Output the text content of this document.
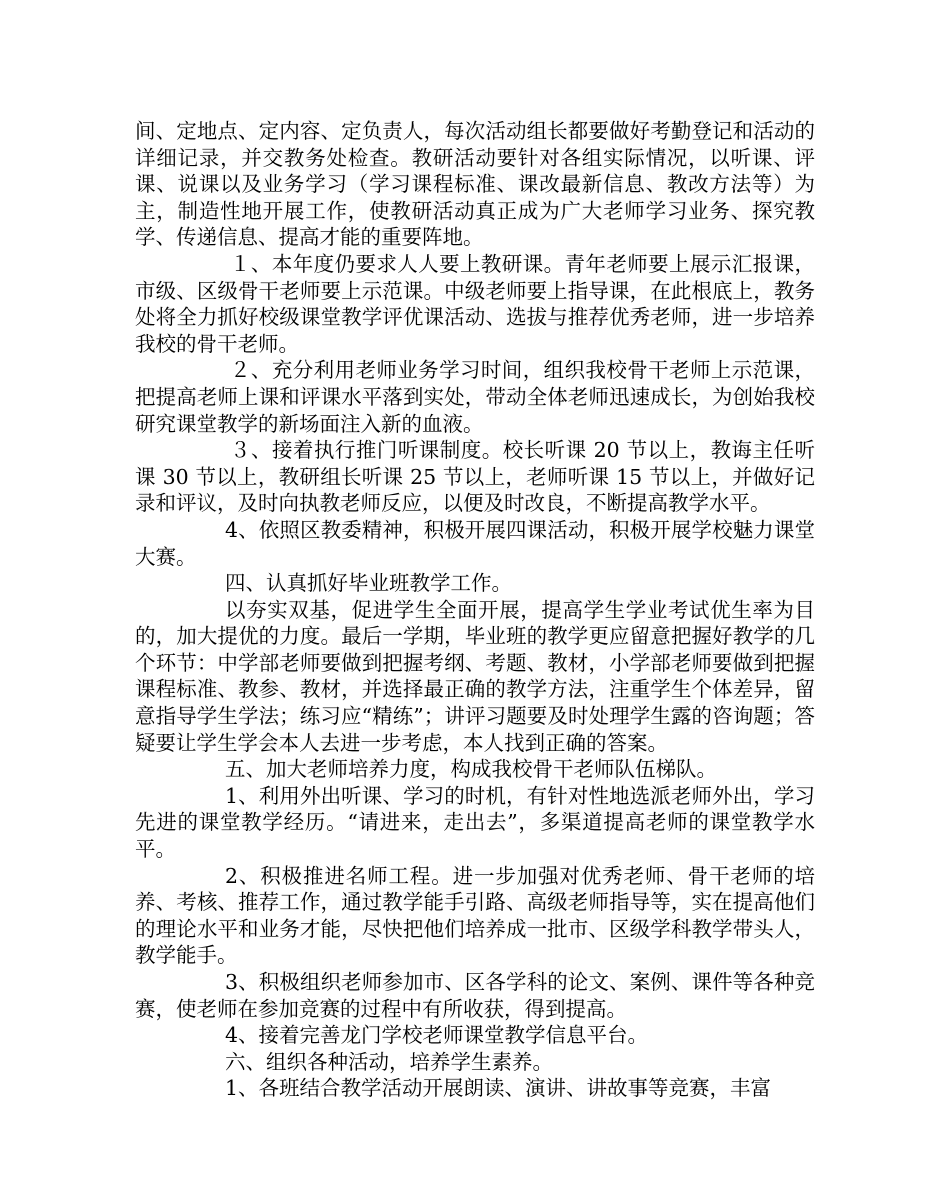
间、定地点、定内容、定负责人，每次活动组长都要做好考勤登记和活动的详细记录，并交教务处检查。教研活动要针对各组实际情况，以听课、评课、说课以及业务学习（学习课程标准、课改最新信息、教改方法等）为主，制造性地开展工作，使教研活动真正成为广大老师学习业务、探究教学、传递信息、提高才能的重要阵地。

１、本年度仍要求人人要上教研课。青年老师要上展示汇报课，市级、区级骨干老师要上示范课。中级老师要上指导课，在此根底上，教务处将全力抓好校级课堂教学评优课活动、选拔与推荐优秀老师，进一步培养我校的骨干老师。

２、充分利用老师业务学习时间，组织我校骨干老师上示范课，把提高老师上课和评课水平落到实处，带动全体老师迅速成长，为创始我校研究课堂教学的新场面注入新的血液。

３、接着执行推门听课制度。校长听课 20 节以上，教诲主任听课 30 节以上，教研组长听课 25 节以上，老师听课 15 节以上，并做好记录和评议，及时向执教老师反应，以便及时改良，不断提高教学水平。

4、依照区教委精神，积极开展四课活动，积极开展学校魅力课堂大赛。

四、认真抓好毕业班教学工作。

以夯实双基，促进学生全面开展，提高学生学业考试优生率为目的，加大提优的力度。最后一学期，毕业班的教学更应留意把握好教学的几个环节：中学部老师要做到把握考纲、考题、教材，小学部老师要做到把握课程标准、教参、教材，并选择最正确的教学方法，注重学生个体差异，留意指导学生学法；练习应“精练”；讲评习题要及时处理学生露的咨询题；答疑要让学生学会本人去进一步考虑，本人找到正确的答案。

五、加大老师培养力度，构成我校骨干老师队伍梯队。

1、利用外出听课、学习的时机，有针对性地选派老师外出，学习先进的课堂教学经历。“请进来，走出去”，多渠道提高老师的课堂教学水平。

2、积极推进名师工程。进一步加强对优秀老师、骨干老师的培养、考核、推荐工作，通过教学能手引路、高级老师指导等，实在提高他们的理论水平和业务才能，尽快把他们培养成一批市、区级学科教学带头人，教学能手。

3、积极组织老师参加市、区各学科的论文、案例、课件等各种竞赛，使老师在参加竞赛的过程中有所收获，得到提高。

4、接着完善龙门学校老师课堂教学信息平台。

六、组织各种活动，培养学生素养。

1、各班结合教学活动开展朗读、演讲、讲故事等竞赛，丰富
